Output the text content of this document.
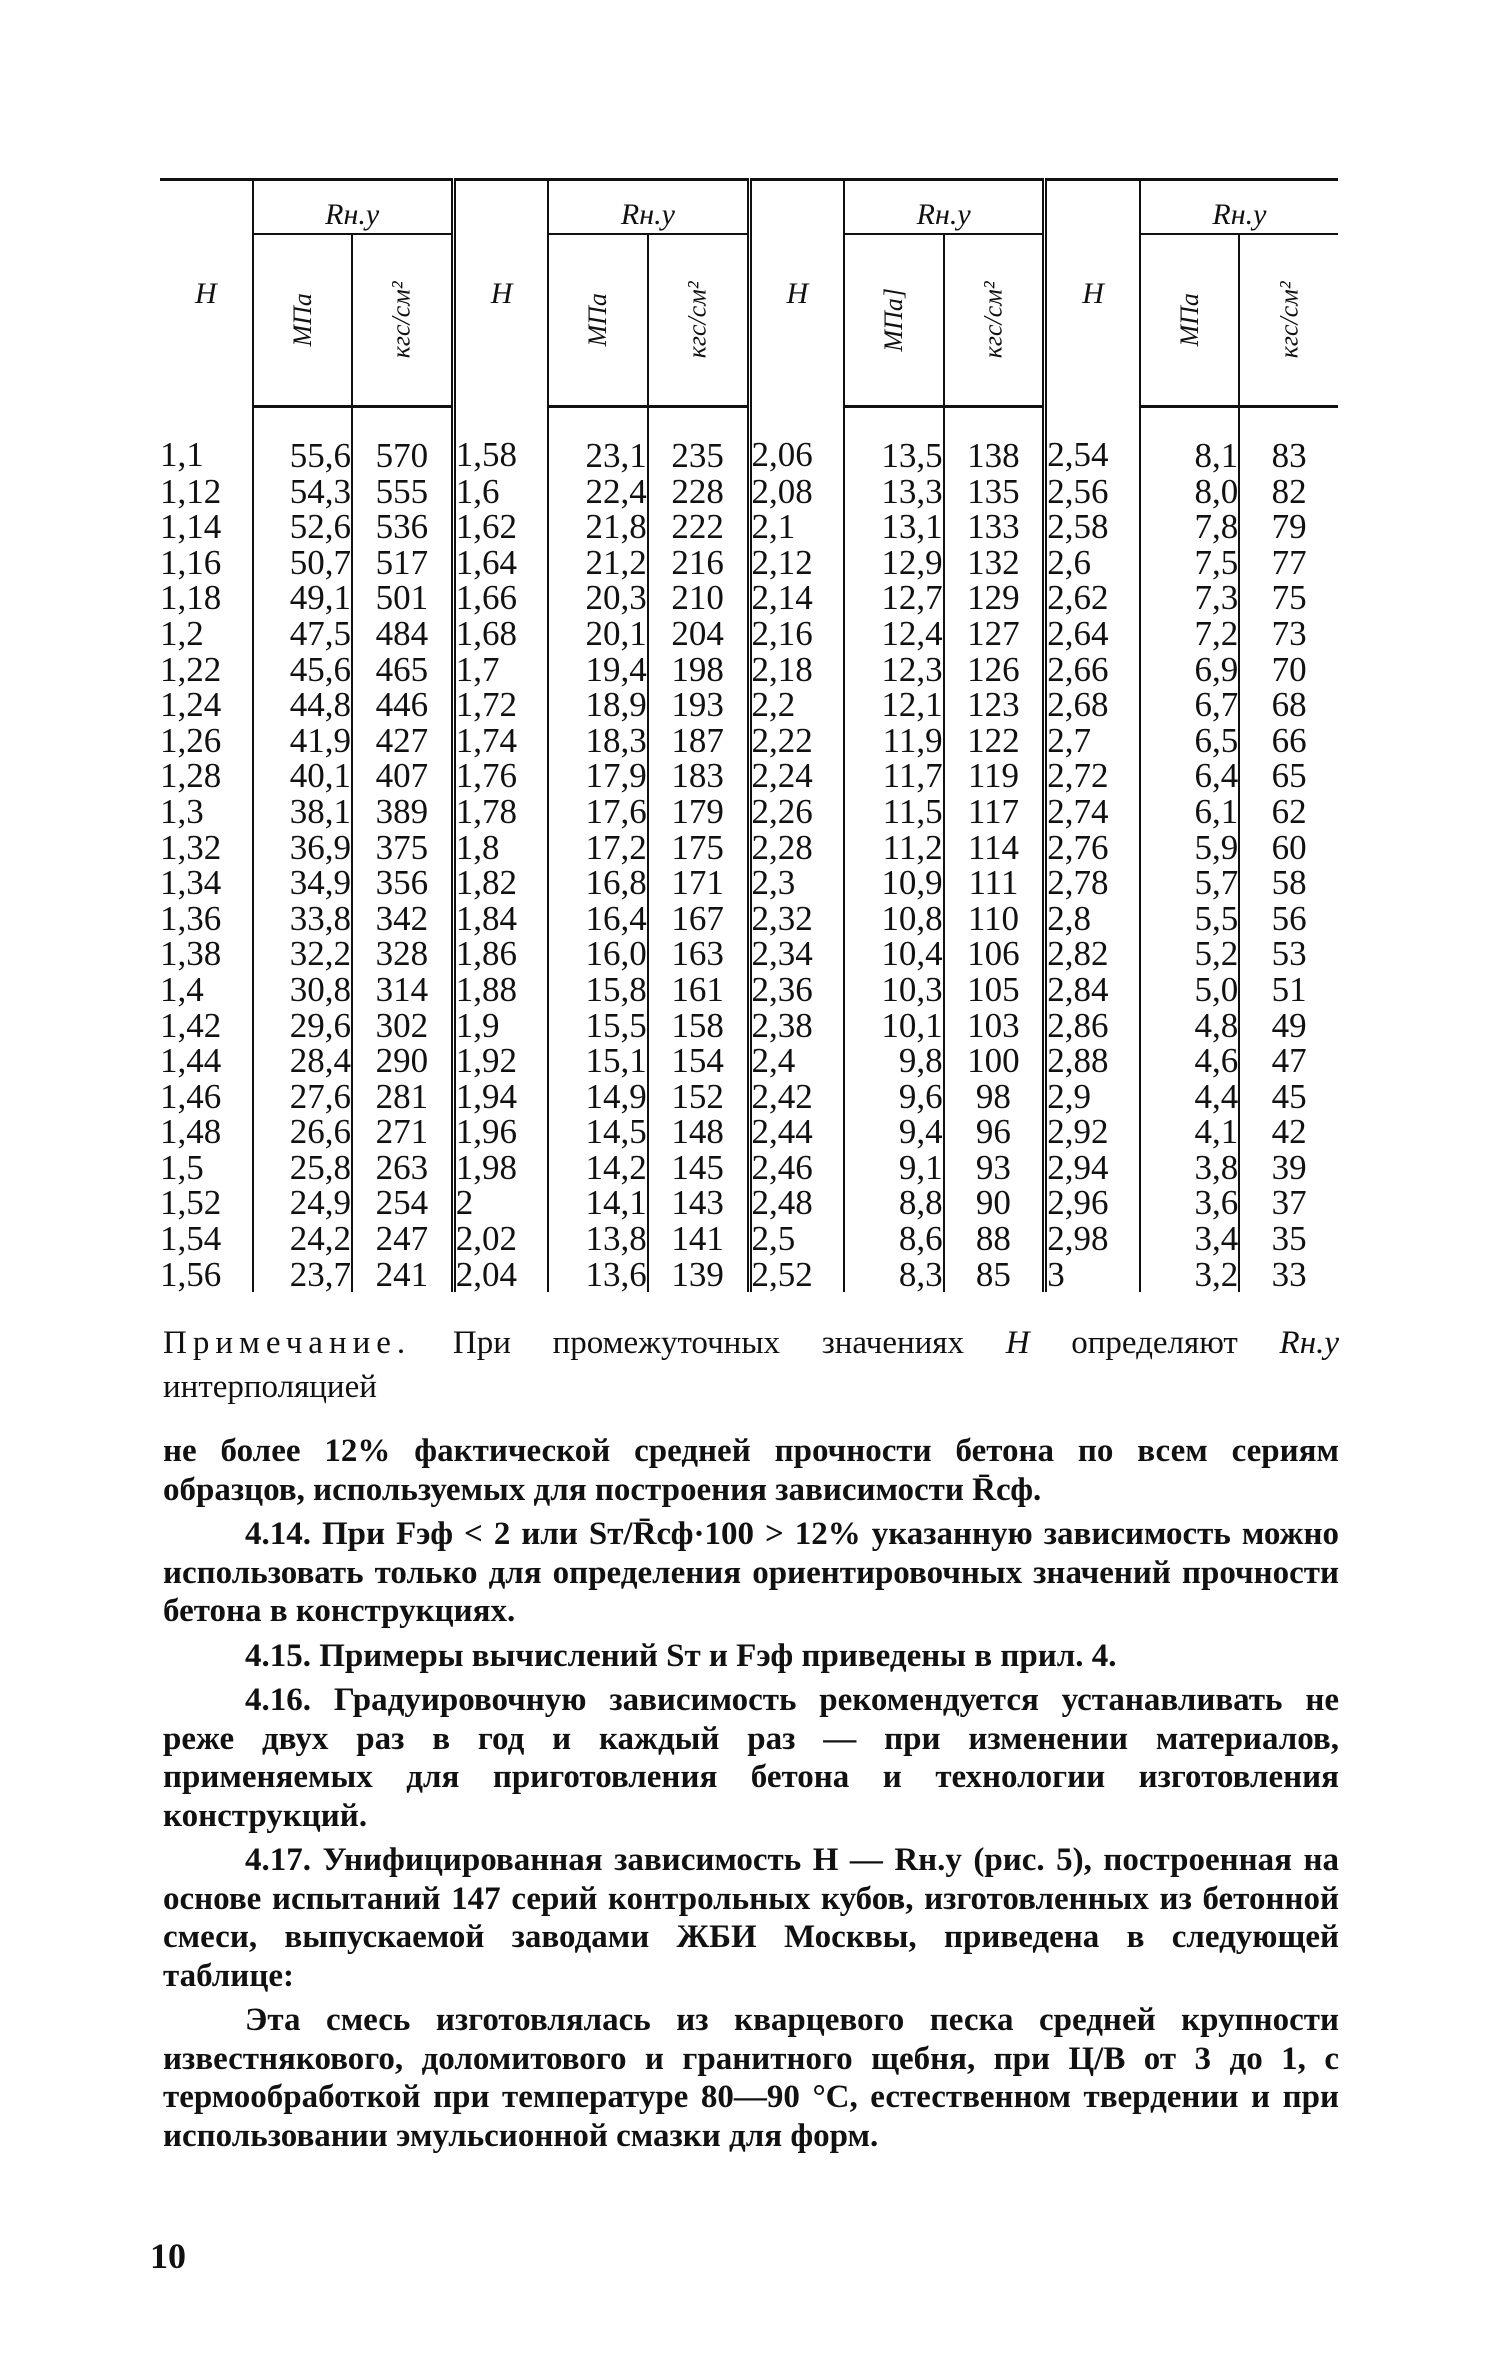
Н	Rн.у		Н	Rн.у		Н	Rн.у		Н	Rн.у	
	МПа	кгс/см²		МПа	кгс/см²		МПа]	кгс/см²		МПа	кгс/см²
1,1	55,6	570	1,58	23,1	235	2,06	13,5	138	2,54	8,1	83
1,12	54,3	555	1,6	22,4	228	2,08	13,3	135	2,56	8,0	82
1,14	52,6	536	1,62	21,8	222	2,1	13,1	133	2,58	7,8	79
1,16	50,7	517	1,64	21,2	216	2,12	12,9	132	2,6	7,5	77
1,18	49,1	501	1,66	20,3	210	2,14	12,7	129	2,62	7,3	75
1,2	47,5	484	1,68	20,1	204	2,16	12,4	127	2,64	7,2	73
1,22	45,6	465	1,7	19,4	198	2,18	12,3	126	2,66	6,9	70
1,24	44,8	446	1,72	18,9	193	2,2	12,1	123	2,68	6,7	68
1,26	41,9	427	1,74	18,3	187	2,22	11,9	122	2,7	6,5	66
1,28	40,1	407	1,76	17,9	183	2,24	11,7	119	2,72	6,4	65
1,3	38,1	389	1,78	17,6	179	2,26	11,5	117	2,74	6,1	62
1,32	36,9	375	1,8	17,2	175	2,28	11,2	114	2,76	5,9	60
1,34	34,9	356	1,82	16,8	171	2,3	10,9	111	2,78	5,7	58
1,36	33,8	342	1,84	16,4	167	2,32	10,8	110	2,8	5,5	56
1,38	32,2	328	1,86	16,0	163	2,34	10,4	106	2,82	5,2	53
1,4	30,8	314	1,88	15,8	161	2,36	10,3	105	2,84	5,0	51
1,42	29,6	302	1,9	15,5	158	2,38	10,1	103	2,86	4,8	49
1,44	28,4	290	1,92	15,1	154	2,4	9,8	100	2,88	4,6	47
1,46	27,6	281	1,94	14,9	152	2,42	9,6	98	2,9	4,4	45
1,48	26,6	271	1,96	14,5	148	2,44	9,4	96	2,92	4,1	42
1,5	25,8	263	1,98	14,2	145	2,46	9,1	93	2,94	3,8	39
1,52	24,9	254	2	14,1	143	2,48	8,8	90	2,96	3,6	37
1,54	24,2	247	2,02	13,8	141	2,5	8,6	88	2,98	3,4	35
1,56	23,7	241	2,04	13,6	139	2,52	8,3	85	3	3,2	33
Примечание. При промежуточных значениях Н определяют Rн.у интерполяцией

не более 12% фактической средней прочности бетона по всем сериям образцов, используемых для построения зависимости R̄сф.

4.14. При Fэф < 2 или Sт/R̄сф·100 > 12% указанную зависимость можно использовать только для определения ориентировочных значений прочности бетона в конструкциях.

4.15. Примеры вычислений Sт и Fэф приведены в прил. 4.

4.16. Градуировочную зависимость рекомендуется устанавливать не реже двух раз в год и каждый раз — при изменении материалов, применяемых для приготовления бетона и технологии изготовления конструкций.

4.17. Унифицированная зависимость Н — Rн.у (рис. 5), построенная на основе испытаний 147 серий контрольных кубов, изготовленных из бетонной смеси, выпускаемой заводами ЖБИ Москвы, приведена в следующей таблице:

Эта смесь изготовлялась из кварцевого песка средней крупности известнякового, доломитового и гранитного щебня, при Ц/В от 3 до 1, с термообработкой при температуре 80—90 °С, естественном твердении и при использовании эмульсионной смазки для форм.

10
